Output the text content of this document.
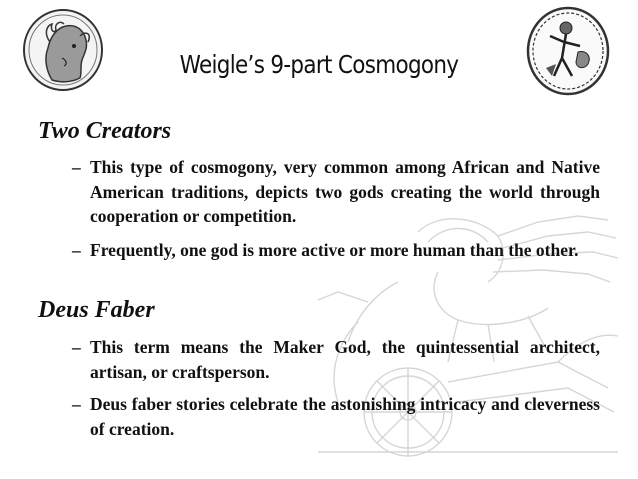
Weigle’s 9-part Cosmogony
Two Creators
– This type of cosmogony, very common among African and Native American traditions, depicts two gods creating the world through cooperation or competition.
– Frequently, one god is more active or more human than the other.
Deus Faber
– This term means the Maker God, the quintessential architect, artisan, or craftsperson.
– Deus faber stories celebrate the astonishing intricacy and cleverness of creation.
